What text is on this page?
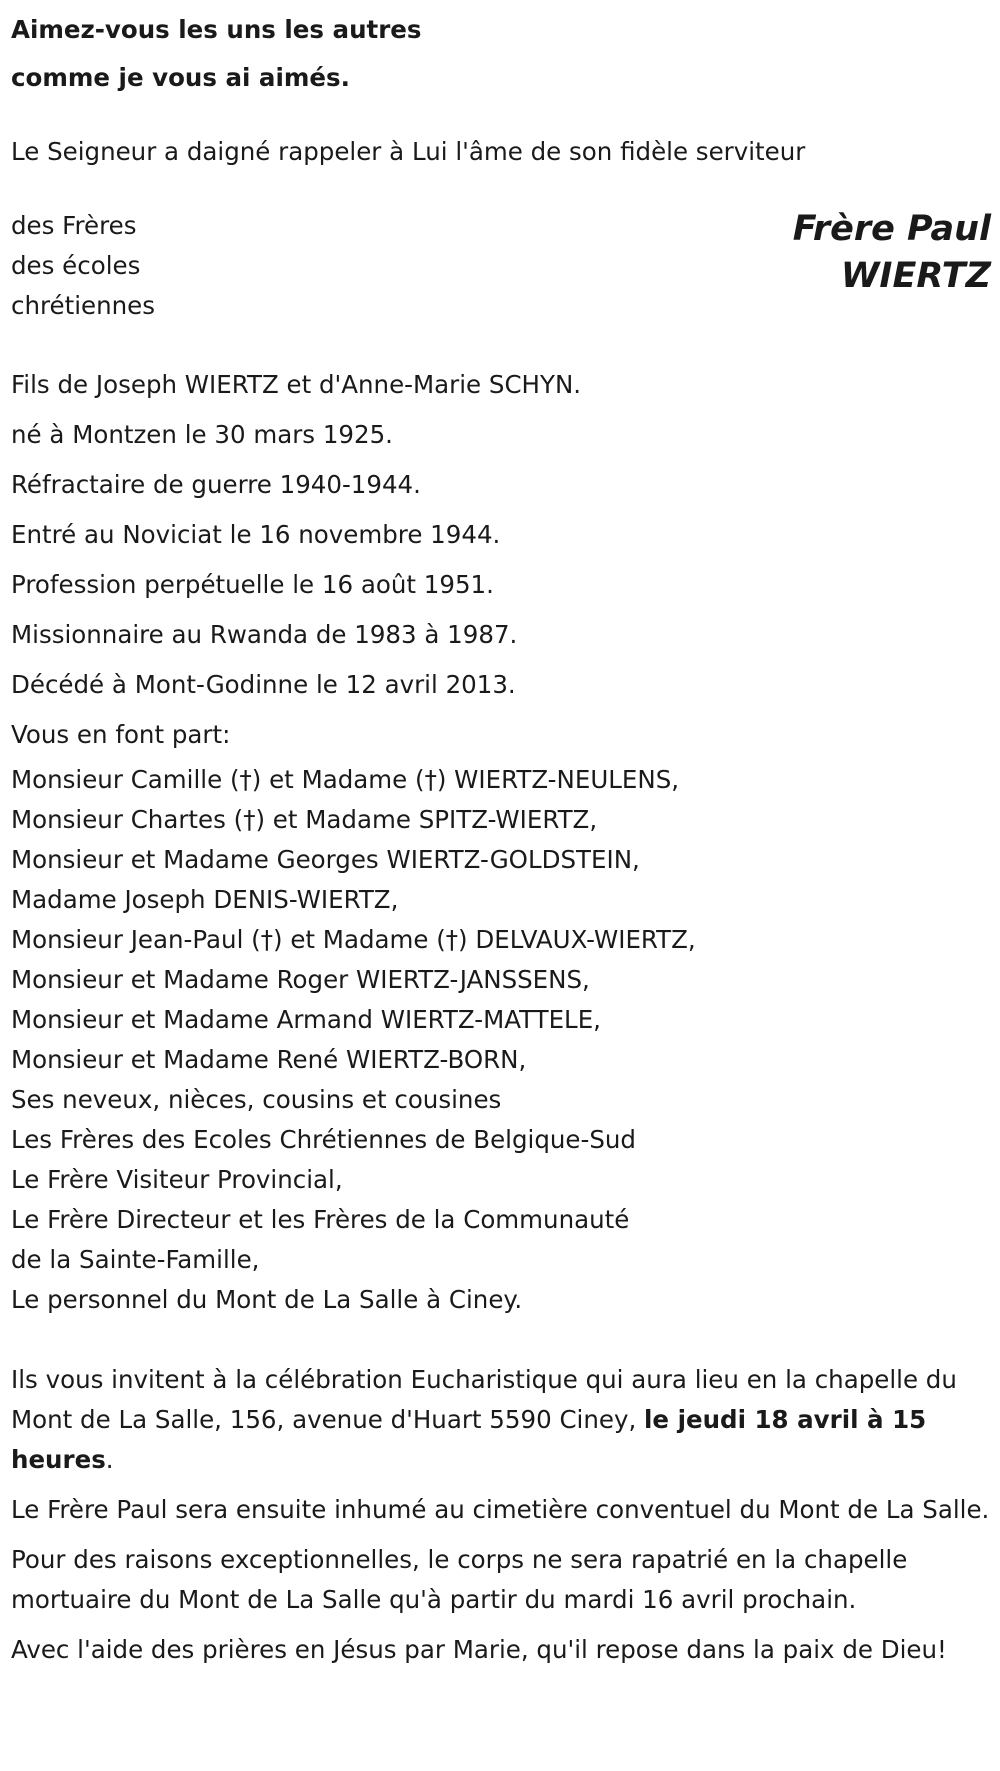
Aimez-vous les uns les autres
comme je vous ai aimés.
Le Seigneur a daigné rappeler à Lui l'âme de son fidèle serviteur
des Frères
des écoles
chrétiennes
Frère Paul
WIERTZ
Fils de Joseph WIERTZ et d'Anne-Marie SCHYN.
né à Montzen le 30 mars 1925.
Réfractaire de guerre 1940-1944.
Entré au Noviciat le 16 novembre 1944.
Profession perpétuelle le 16 août 1951.
Missionnaire au Rwanda de 1983 à 1987.
Décédé à Mont-Godinne le 12 avril 2013.
Vous en font part:
Monsieur Camille (†) et Madame (†) WIERTZ-NEULENS,
Monsieur Chartes (†) et Madame SPITZ-WIERTZ,
Monsieur et Madame Georges WIERTZ-GOLDSTEIN,
Madame Joseph DENIS-WIERTZ,
Monsieur Jean-Paul (†) et Madame (†) DELVAUX-WIERTZ,
Monsieur et Madame Roger WIERTZ-JANSSENS,
Monsieur et Madame Armand WIERTZ-MATTELE,
Monsieur et Madame René WIERTZ-BORN,
Ses neveux, nièces, cousins et cousines
Les Frères des Ecoles Chrétiennes de Belgique-Sud
Le Frère Visiteur Provincial,
Le Frère Directeur et les Frères de la Communauté
de la Sainte-Famille,
Le personnel du Mont de La Salle à Ciney.

Ils vous invitent à la célébration Eucharistique qui aura lieu en la chapelle du Mont de La Salle, 156, avenue d'Huart 5590 Ciney, le jeudi 18 avril à 15 heures.

Le Frère Paul sera ensuite inhumé au cimetière conventuel du Mont de La Salle.

Pour des raisons exceptionnelles, le corps ne sera rapatrié en la chapelle mortuaire du Mont de La Salle qu'à partir du mardi 16 avril prochain.

Avec l'aide des prières en Jésus par Marie, qu'il repose dans la paix de Dieu!
